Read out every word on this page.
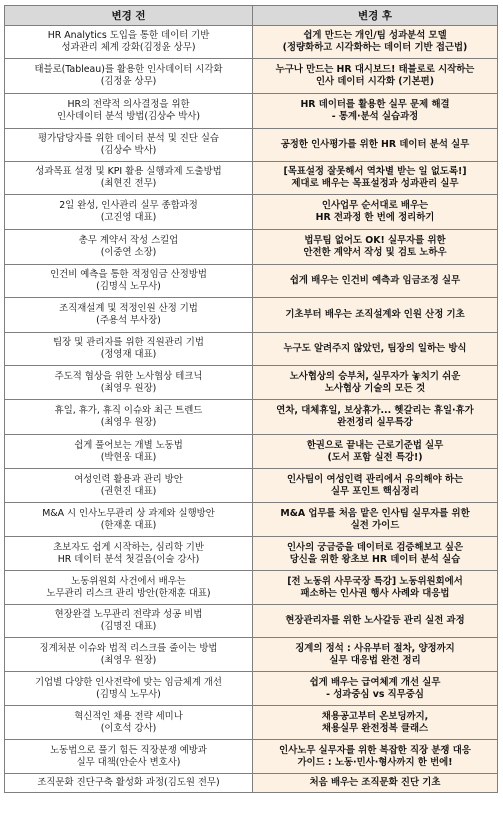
변경 전	변경 후

HR Analytics 도입을 통한 데이터 기반
성과관리 체계 강화(김정윤 상무)	쉽게 만드는 개인/팀 성과분석 모델
(정량화하고 시각화하는 데이터 기반 접근법)

태블로(Tableau)를 활용한 인사데이터 시각화
(김정윤 상무)	누구나 만드는 HR 대시보드! 태블로로 시작하는
인사 데이터 시각화 (기본편)

HR의 전략적 의사결정을 위한
인사데이터 분석 방법(김상수 박사)	HR 데이터를 활용한 실무 문제 해결
- 통계·분석 실습과정

평가담당자를 위한 데이터 분석 및 진단 실습
(김상수 박사)	공정한 인사평가를 위한 HR 데이터 분석 실무

성과목표 설정 및 KPI 활용 실행과제 도출방법
(최현진 전무)	[목표설정 잘못해서 역차별 받는 일 없도록!]
제대로 배우는 목표설정과 성과관리 실무

2일 완성, 인사관리 실무 종합과정
(고진영 대표)	인사업무 순서대로 배우는
HR 전과정 한 번에 정리하기

총무 계약서 작성 스킬업
(이중연 소장)	법무팀 없어도 OK! 실무자를 위한
안전한 계약서 작성 및 검토 노하우

인건비 예측을 통한 적정임금 산정방법
(김명식 노무사)	쉽게 배우는 인건비 예측과 임금조정 실무

조직재설계 및 적정인원 산정 기법
(주용석 부사장)	기초부터 배우는 조직설계와 인원 산정 기초

팀장 및 관리자를 위한 직원관리 기법
(정영재 대표)	누구도 알려주지 않았던, 팀장의 일하는 방식

주도적 협상을 위한 노사협상 테크닉
(최영우 원장)	노사협상의 승부처, 실무자가 놓치기 쉬운
노사협상 기술의 모든 것

휴일, 휴가, 휴직 이슈와 최근 트렌드
(최영우 원장)	연차, 대체휴일, 보상휴가... 헷갈리는 휴일·휴가
완전정리 실무특강

쉽게 풀어보는 개별 노동법
(박현웅 대표)	한권으로 끝내는 근로기준법 실무
(도서 포함 실전 특강!)

여성인력 활용과 관리 방안
(권현진 대표)	인사팀이 여성인력 관리에서 유의해야 하는
실무 포인트 핵심정리

M&A 시 인사노무관리 상 과제와 실행방안
(한재훈 대표)	M&A 업무를 처음 맡은 인사팀 실무자를 위한
실전 가이드

초보자도 쉽게 시작하는, 심리학 기반
HR 데이터 분석 첫걸음(이술 강사)	인사의 궁금증을 데이터로 검증해보고 싶은
당신을 위한 왕초보 HR 데이터 분석 실습

노동위원회 사건에서 배우는
노무관리 리스크 관리 방안(한재훈 대표)	[전 노동위 사무국장 특강] 노동위원회에서
패소하는 인사권 행사 사례와 대응법

현장완결 노무관리 전략과 성공 비법
(김명진 대표)	현장관리자를 위한 노사갈등 관리 실전 과정

징계처분 이슈와 법적 리스크를 줄이는 방법
(최영우 원장)	징계의 정석 : 사유부터 절차, 양정까지
실무 대응법 완전 정리

기업별 다양한 인사전략에 맞는 임금체계 개선
(김명식 노무사)	쉽게 배우는 급여체계 개선 실무
- 성과중심 vs 직무중심

혁신적인 채용 전략 세미나
(이호석 강사)	채용공고부터 온보딩까지,
채용실무 완전정복 클래스

노동법으로 풀기 힘든 직장분쟁 예방과
실무 대책(안순사 변호사)	인사노무 실무자를 위한 복잡한 직장 분쟁 대응
가이드 : 노동·민사·형사까지 한 번에!

조직문화 진단구축 활성화 과정(김도원 전무)	처음 배우는 조직문화 진단 기초
